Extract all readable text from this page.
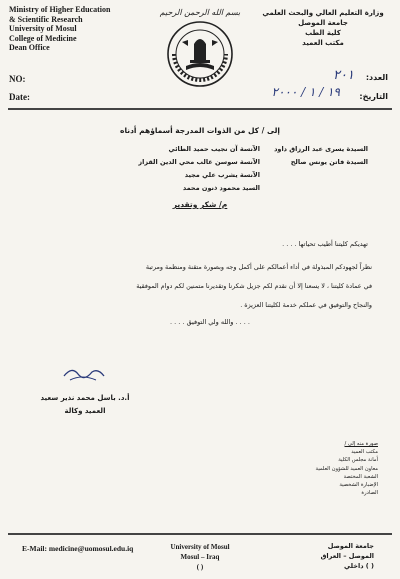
بسم الله الرحمن الرحيم
Ministry of Higher Education
& Scientific Research
University of Mosul
College of Medicine
Dean Office
وزارة التعليم العالي والبحث العلمي
جامعة الموصل
كلية الطب
مكتب العميد
NO:
Date:
العدد:
٢٠١
التاريخ:
١٩ / ١ / ٢٠٠٠
إلى / كل من الذوات المدرجة أسماؤهم أدناه
السيدة يسرى عبد الرزاق داود
السيدة فاتن يونس صالح
الآنسة آن نجيب حميد الطائي
الآنسة سوسن غالب محي الدين القزاز
الآنسة يشرب علي مجيد
السيد محمود ذنون محمد
م/ شكر وتقدير
تهديكم كليتنا أطيب تحياتها . . . .
نظراً لجهودكم المبذولة في أداء أعمالكم على أكمل وجه وبصورة متقنة ومنظمة ومرتبة
في عمادة كليتنا ، لا يسعنا إلا أن نقدم لكم جزيل شكرنا وتقديرنا متمنين لكم دوام الموفقية
والنجاح والتوفيق في عملكم خدمة لكليتنا العزيزة .
. . . . والله ولي التوفيق . . . .
أ.د. باسل محمد نذير سعيد
العميد وكالة
صورة منه إلى /
مكتب العميد
أمانة مجلس الكلية
معاون العميد للشؤون العلمية
الشعبة المختصة
الإضبارة الشخصية
الصادرة
E-Mail: medicine@uomosul.edu.iq	University of Mosul
Mosul – Iraq
( )
جامعة الموصل
الموصل – العراق
( ) داخلي
